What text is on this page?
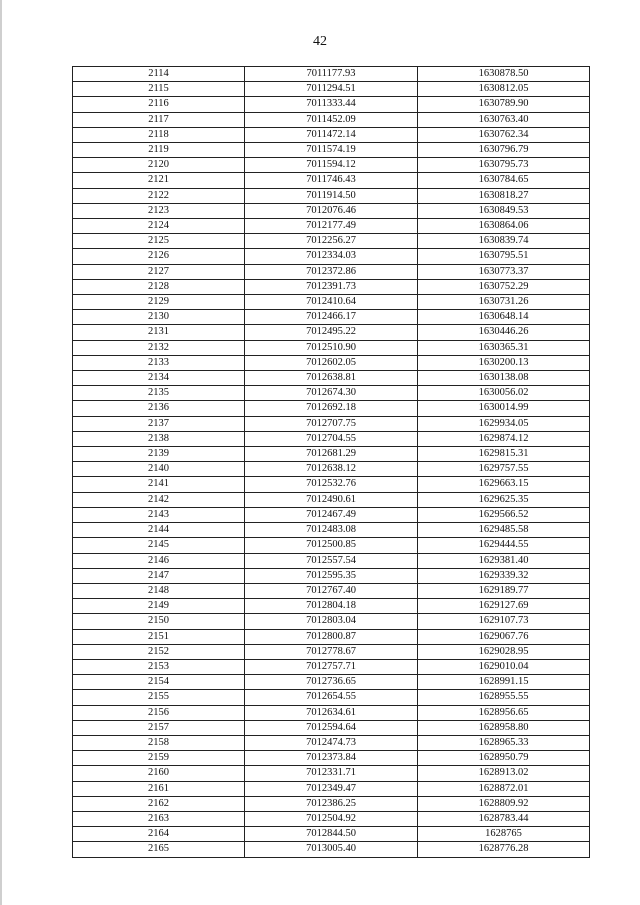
42
2114	7011177.93	1630878.50
2115	7011294.51	1630812.05
2116	7011333.44	1630789.90
2117	7011452.09	1630763.40
2118	7011472.14	1630762.34
2119	7011574.19	1630796.79
2120	7011594.12	1630795.73
2121	7011746.43	1630784.65
2122	7011914.50	1630818.27
2123	7012076.46	1630849.53
2124	7012177.49	1630864.06
2125	7012256.27	1630839.74
2126	7012334.03	1630795.51
2127	7012372.86	1630773.37
2128	7012391.73	1630752.29
2129	7012410.64	1630731.26
2130	7012466.17	1630648.14
2131	7012495.22	1630446.26
2132	7012510.90	1630365.31
2133	7012602.05	1630200.13
2134	7012638.81	1630138.08
2135	7012674.30	1630056.02
2136	7012692.18	1630014.99
2137	7012707.75	1629934.05
2138	7012704.55	1629874.12
2139	7012681.29	1629815.31
2140	7012638.12	1629757.55
2141	7012532.76	1629663.15
2142	7012490.61	1629625.35
2143	7012467.49	1629566.52
2144	7012483.08	1629485.58
2145	7012500.85	1629444.55
2146	7012557.54	1629381.40
2147	7012595.35	1629339.32
2148	7012767.40	1629189.77
2149	7012804.18	1629127.69
2150	7012803.04	1629107.73
2151	7012800.87	1629067.76
2152	7012778.67	1629028.95
2153	7012757.71	1629010.04
2154	7012736.65	1628991.15
2155	7012654.55	1628955.55
2156	7012634.61	1628956.65
2157	7012594.64	1628958.80
2158	7012474.73	1628965.33
2159	7012373.84	1628950.79
2160	7012331.71	1628913.02
2161	7012349.47	1628872.01
2162	7012386.25	1628809.92
2163	7012504.92	1628783.44
2164	7012844.50	1628765
2165	7013005.40	1628776.28
